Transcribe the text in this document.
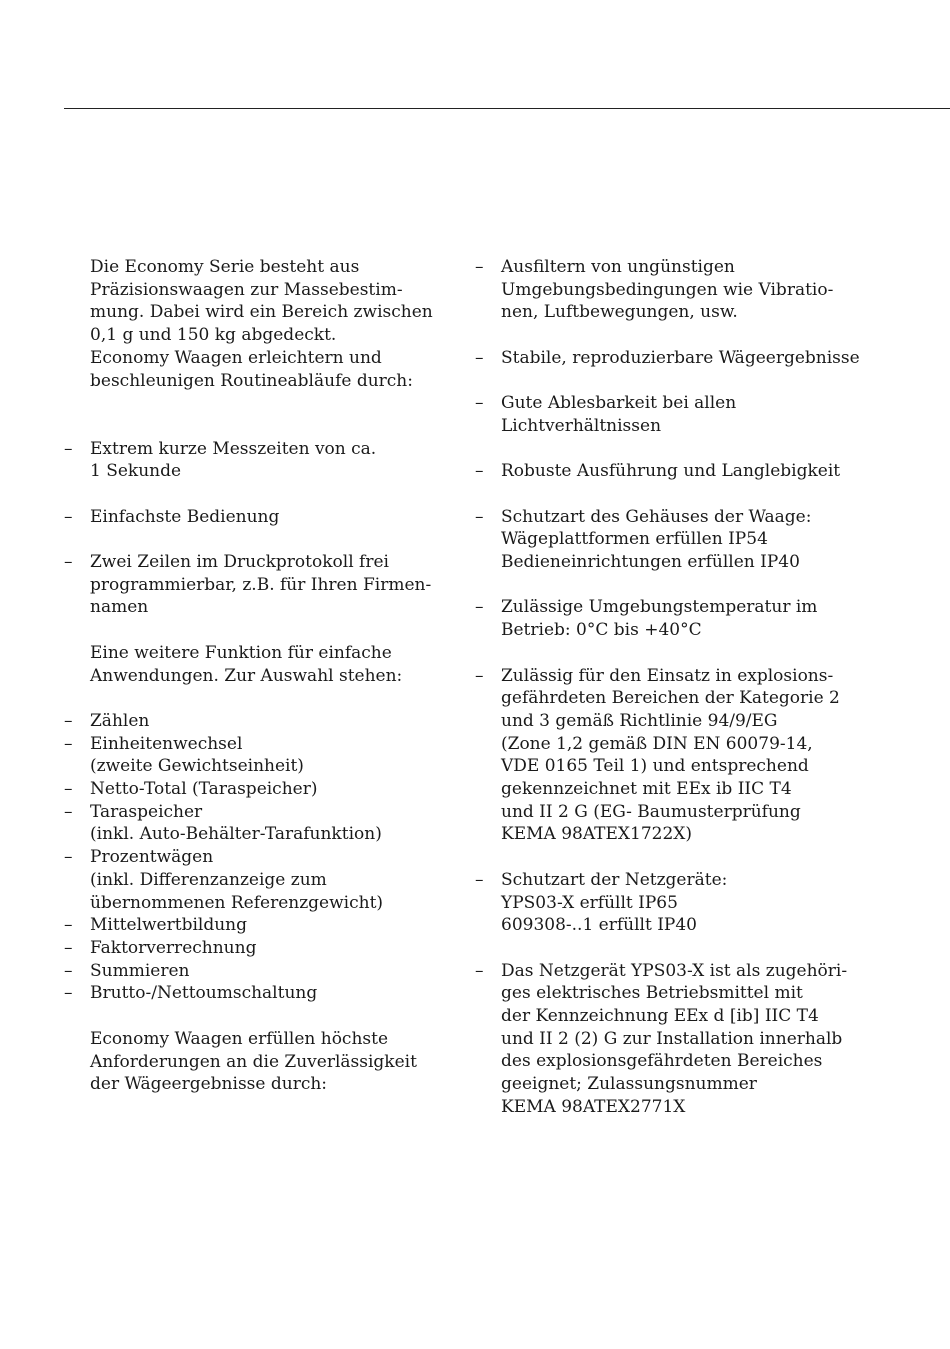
Die Economy Serie besteht aus
Präzisionswaagen zur Massebestim-
mung. Dabei wird ein Bereich zwischen
0,1 g und 150 kg abgedeckt.
Economy Waagen erleichtern und
beschleunigen Routineabläufe durch:

– Extrem kurze Messzeiten von ca.
1 Sekunde
– Einfachste Bedienung
– Zwei Zeilen im Druckprotokoll frei
programmierbar, z.B. für Ihren Firmen-
namen

Eine weitere Funktion für einfache
Anwendungen. Zur Auswahl stehen:

– Zählen
– Einheitenwechsel
(zweite Gewichtseinheit)
– Netto-Total (Taraspeicher)
– Taraspeicher
(inkl. Auto-Behälter-Tarafunktion)
– Prozentwägen
(inkl. Differenzanzeige zum
übernommenen Referenzgewicht)
– Mittelwertbildung
– Faktorverrechnung
– Summieren
– Brutto-/Nettoumschaltung

Economy Waagen erfüllen höchste
Anforderungen an die Zuverlässigkeit
der Wägeergebnisse durch:

– Ausfiltern von ungünstigen
Umgebungsbedingungen wie Vibratio-
nen, Luftbewegungen, usw.
– Stabile, reproduzierbare Wägeergebnisse
– Gute Ablesbarkeit bei allen
Lichtverhältnissen
– Robuste Ausführung und Langlebigkeit
– Schutzart des Gehäuses der Waage:
Wägeplattformen erfüllen IP54
Bedieneinrichtungen erfüllen IP40
– Zulässige Umgebungstemperatur im
Betrieb: 0°C bis +40°C
– Zulässig für den Einsatz in explosions-
gefährdeten Bereichen der Kategorie 2
und 3 gemäß Richtlinie 94/9/EG
(Zone 1,2 gemäß DIN EN 60079-14,
VDE 0165 Teil 1) und entsprechend
gekennzeichnet mit EEx ib IIC T4
und II 2 G (EG- Baumusterprüfung
KEMA 98ATEX1722X)
– Schutzart der Netzgeräte:
YPS03-X erfüllt IP65
609308-..1 erfüllt IP40
– Das Netzgerät YPS03-X ist als zugehöri-
ges elektrisches Betriebsmittel mit
der Kennzeichnung EEx d [ib] IIC T4
und II 2 (2) G zur Installation innerhalb
des explosionsgefährdeten Bereiches
geeignet; Zulassungsnummer
KEMA 98ATEX2771X
